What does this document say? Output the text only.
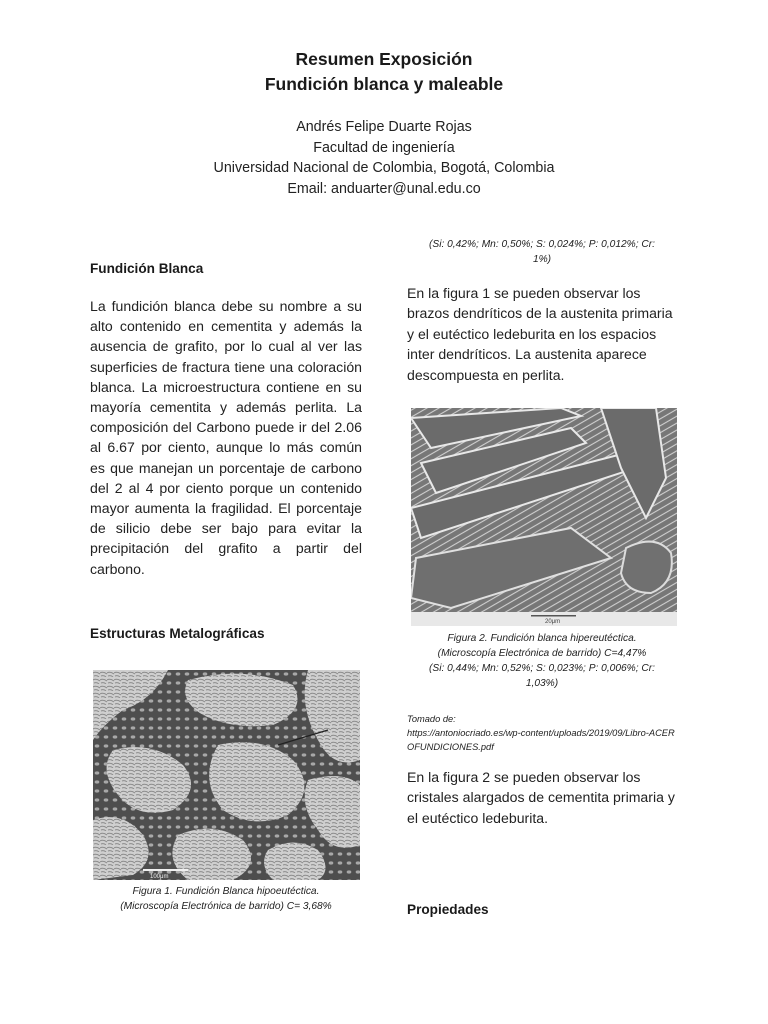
Resumen Exposición
Fundición blanca y maleable
Andrés Felipe Duarte Rojas
Facultad de ingeniería
Universidad Nacional de Colombia, Bogotá, Colombia
Email: anduarter@unal.edu.co
Fundición Blanca
La fundición blanca debe su nombre a su alto contenido en cementita y además la ausencia de grafito, por lo cual al ver las superficies de fractura tiene una coloración blanca. La microestructura contiene en su mayoría cementita y además perlita. La composición del Carbono puede ir del 2.06 al 6.67 por ciento, aunque lo más común es que manejan un porcentaje de carbono del 2 al 4 por ciento porque un contenido mayor aumenta la fragilidad. El porcentaje de silicio debe ser bajo para evitar la precipitación del grafito a partir del carbono.
Estructuras Metalográficas
100μm
Figura 1. Fundición Blanca hipoeutéctica.
(Microscopía Electrónica de barrido) C= 3,68%
(Si: 0,42%; Mn: 0,50%; S: 0,024%; P: 0,012%; Cr:
1%)
En la figura 1 se pueden observar los brazos dendríticos de la austenita primaria y el eutéctico ledeburita en los espacios inter dendríticos. La austenita aparece descompuesta en perlita.
20μm
Figura 2. Fundición blanca hipereutéctica.
(Microscopía Electrónica de barrido) C=4,47%
(Si: 0,44%; Mn: 0,52%; S: 0,023%; P: 0,006%; Cr:
1,03%)
Tomado de:
https://antoniocriado.es/wp-content/uploads/2019/09/Libro-ACEROFUNDICIONES.pdf
En la figura 2 se pueden observar los cristales alargados de cementita primaria y el eutéctico ledeburita.
Propiedades
